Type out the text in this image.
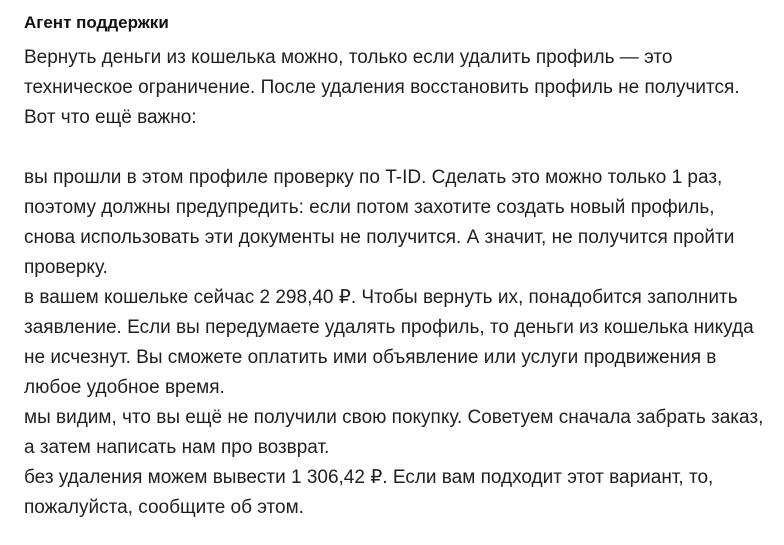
Агент поддержки

Вернуть деньги из кошелька можно, только если удалить профиль — это техническое ограничение. После удаления восстановить профиль не получится. Вот что ещё важно:

вы прошли в этом профиле проверку по T-ID. Сделать это можно только 1 раз, поэтому должны предупредить: если потом захотите создать новый профиль, снова использовать эти документы не получится. А значит, не получится пройти проверку.

в вашем кошельке сейчас 2 298,40 ₽. Чтобы вернуть их, понадобится заполнить заявление. Если вы передумаете удалять профиль, то деньги из кошелька никуда не исчезнут. Вы сможете оплатить ими объявление или услуги продвижения в любое удобное время.

мы видим, что вы ещё не получили свою покупку. Советуем сначала забрать заказ, а затем написать нам про возврат.

без удаления можем вывести 1 306,42 ₽. Если вам подходит этот вариант, то, пожалуйста, сообщите об этом.
